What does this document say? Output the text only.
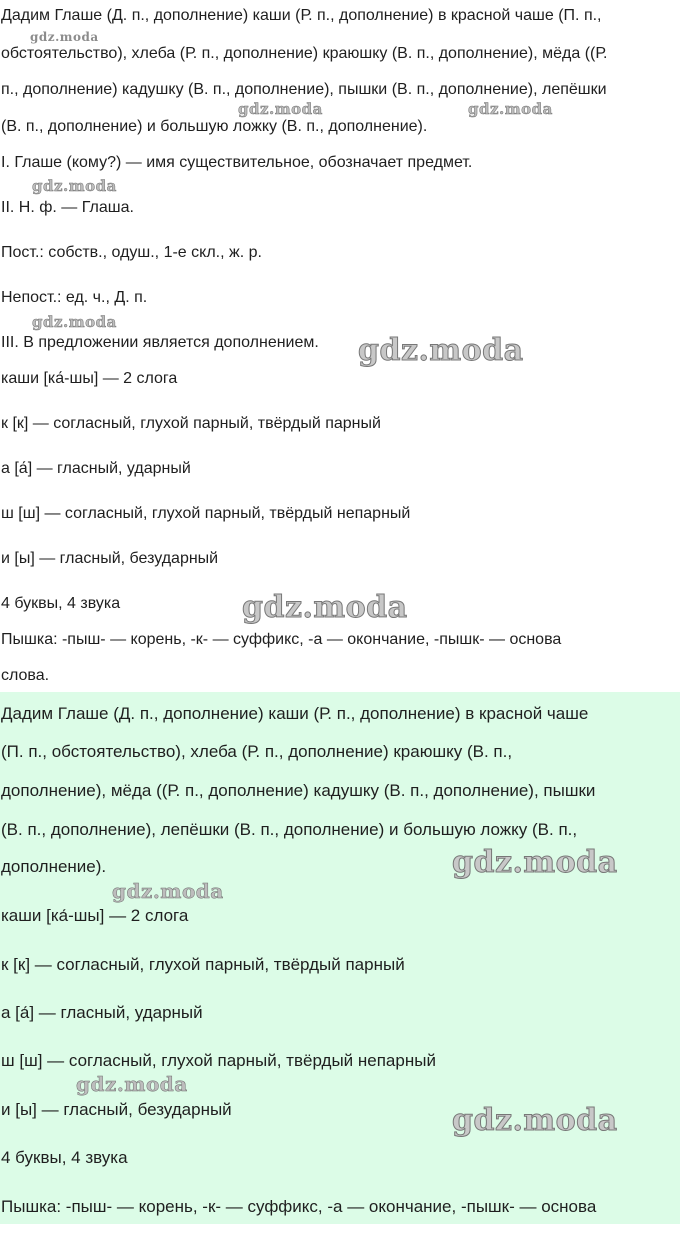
Дадим Глаше (Д. п., дополнение) каши (Р. п., дополнение) в красной чаше (П. п.,
обстоятельство), хлеба (Р. п., дополнение) краюшку (В. п., дополнение), мёда ((Р.
п., дополнение) кадушку (В. п., дополнение), пышки (В. п., дополнение), лепёшки
(В. п., дополнение) и большую ложку (В. п., дополнение).
I. Глаше (кому?) — имя существительное, обозначает предмет.
II. Н. ф. — Глаша.
Пост.: собств., одуш., 1-е скл., ж. р.
Непост.: ед. ч., Д. п.
III. В предложении является дополнением.
каши [ка́-шы] — 2 слога
к [к] — согласный, глухой парный, твёрдый парный
а [а́] — гласный, ударный
ш [ш] — согласный, глухой парный, твёрдый непарный
и [ы] — гласный, безударный
4 буквы, 4 звука
Пышка: -пыш- — корень, -к- — суффикс, -а — окончание, -пышк- — основа
слова.
Дадим Глаше (Д. п., дополнение) каши (Р. п., дополнение) в красной чаше
(П. п., обстоятельство), хлеба (Р. п., дополнение) краюшку (В. п.,
дополнение), мёда ((Р. п., дополнение) кадушку (В. п., дополнение), пышки
(В. п., дополнение), лепёшки (В. п., дополнение) и большую ложку (В. п.,
дополнение).
каши [ка́-шы] — 2 слога
к [к] — согласный, глухой парный, твёрдый парный
а [а́] — гласный, ударный
ш [ш] — согласный, глухой парный, твёрдый непарный
и [ы] — гласный, безударный
4 буквы, 4 звука
Пышка: -пыш- — корень, -к- — суффикс, -а — окончание, -пышк- — основа
gdz.moda
gdz.moda	gdz.moda
gdz.moda
gdz.moda
gdz.moda
gdz.moda
gdz.moda
gdz.moda
gdz.moda
gdz.moda
